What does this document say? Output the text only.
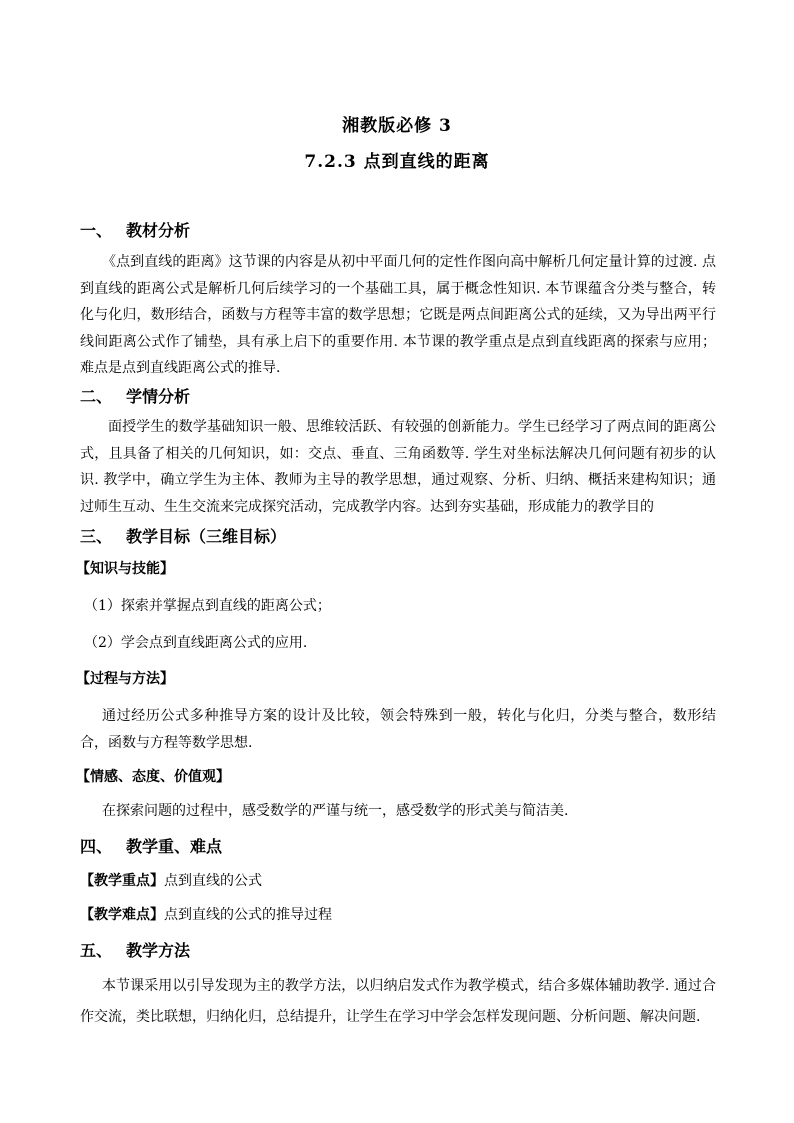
湘教版必修 3
7.2.3 点到直线的距离
一、 教材分析
《点到直线的距离》这节课的内容是从初中平面几何的定性作图向高中解析几何定量计算的过渡. 点到直线的距离公式是解析几何后续学习的一个基础工具，属于概念性知识. 本节课蕴含分类与整合，转化与化归，数形结合，函数与方程等丰富的数学思想；它既是两点间距离公式的延续，又为导出两平行线间距离公式作了铺垫，具有承上启下的重要作用. 本节课的教学重点是点到直线距离的探索与应用；难点是点到直线距离公式的推导.
二、 学情分析
面授学生的数学基础知识一般、思维较活跃、有较强的创新能力。学生已经学习了两点间的距离公式，且具备了相关的几何知识，如：交点、垂直、三角函数等. 学生对坐标法解决几何问题有初步的认识. 教学中，确立学生为主体、教师为主导的教学思想，通过观察、分析、归纳、概括来建构知识；通过师生互动、生生交流来完成探究活动，完成教学内容。达到夯实基础，形成能力的教学目的
三、 教学目标（三维目标）
【知识与技能】
（1）探索并掌握点到直线的距离公式；
（2）学会点到直线距离公式的应用.
【过程与方法】
通过经历公式多种推导方案的设计及比较，领会特殊到一般，转化与化归，分类与整合，数形结合，函数与方程等数学思想.
【情感、态度、价值观】
在探索问题的过程中，感受数学的严谨与统一，感受数学的形式美与简洁美.
四、 教学重、难点
【教学重点】点到直线的公式
【教学难点】点到直线的公式的推导过程
五、 教学方法
本节课采用以引导发现为主的教学方法，以归纳启发式作为教学模式，结合多媒体辅助教学. 通过合作交流，类比联想，归纳化归，总结提升，让学生在学习中学会怎样发现问题、分析问题、解决问题.
